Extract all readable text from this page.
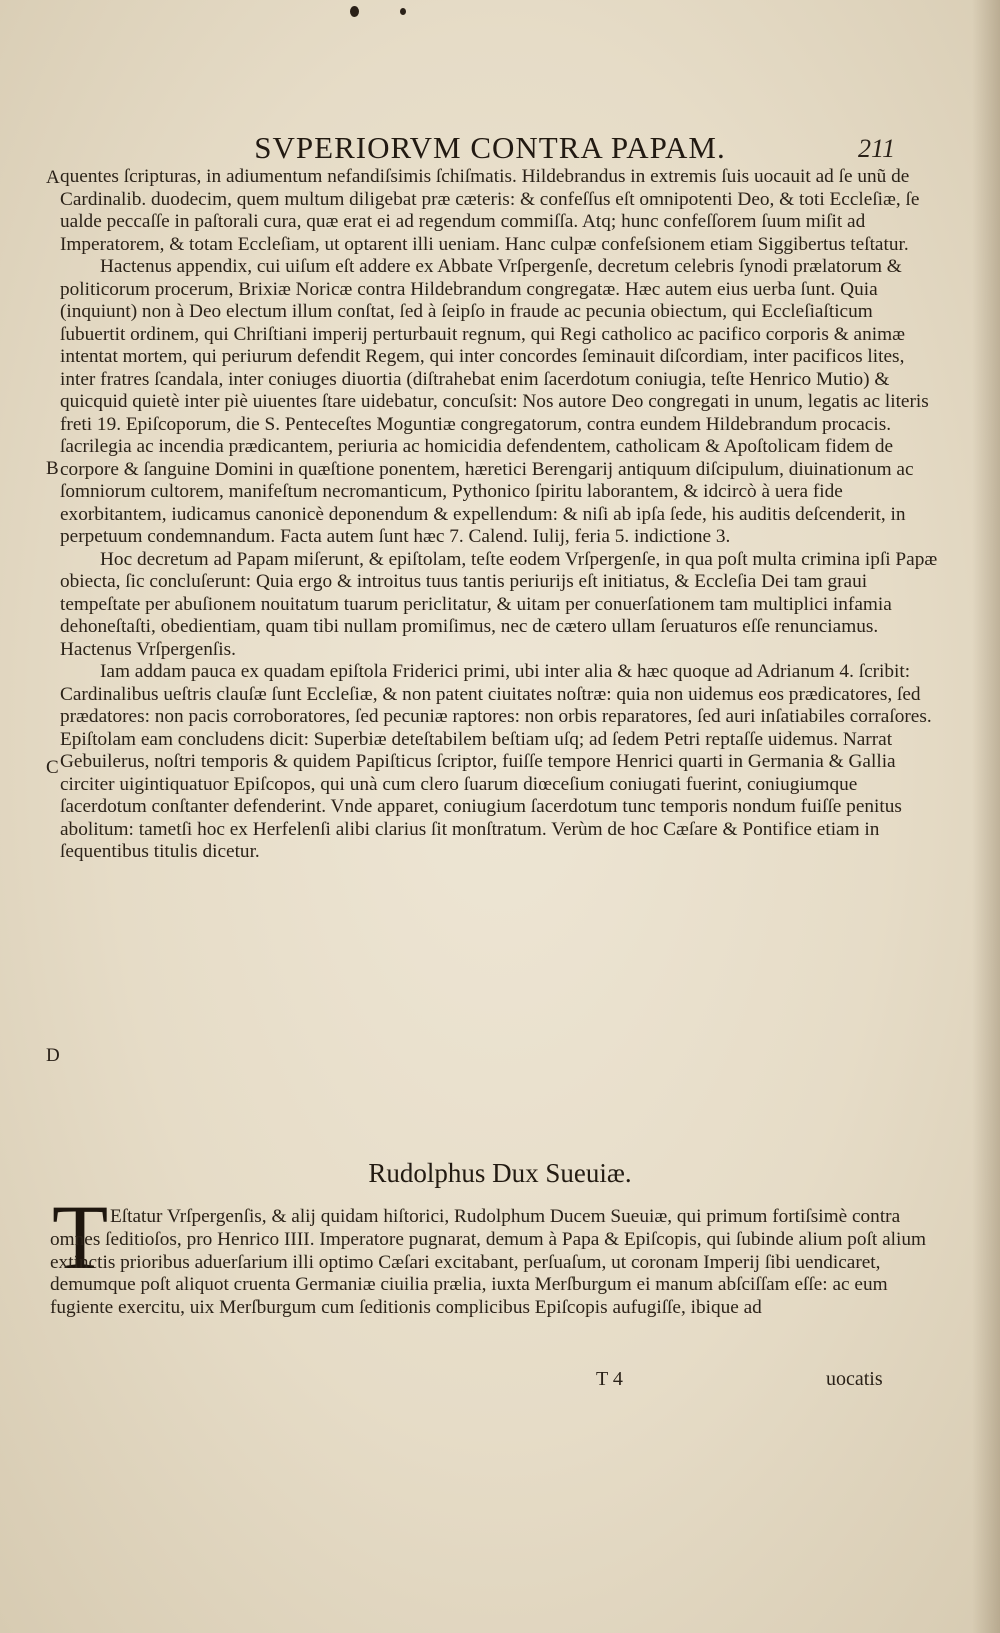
SVPERIORVM CONTRA PAPAM.	211
A
B
C
D
quentes ſcripturas, in adiumentum nefandiſsimis ſchiſmatis. Hildebrandus in extremis ſuis uocauit ad ſe unũ de Cardinalib. duodecim, quem multum diligebat præ cæteris: & confeſſus eſt omnipotenti Deo, & toti Eccleſiæ, ſe ualde peccaſſe in paſtorali cura, quæ erat ei ad regendum commiſſa. Atq; hunc confeſſorem ſuum miſit ad Imperatorem, & totam Eccleſiam, ut optarent illi ueniam. Hanc culpæ confeſsionem etiam Siggibertus teſtatur.
Hactenus appendix, cui uiſum eſt addere ex Abbate Vrſpergenſe, decretum celebris ſynodi prælatorum & politicorum procerum, Brixiæ Noricæ contra Hildebrandum congregatæ. Hæc autem eius uerba ſunt. Quia (inquiunt) non à Deo electum illum conſtat, ſed à ſeipſo in fraude ac pecunia obiectum, qui Eccleſiaſticum ſubuertit ordinem, qui Chriſtiani imperij perturbauit regnum, qui Regi catholico ac pacifico corporis & animæ intentat mortem, qui periurum defendit Regem, qui inter concordes ſeminauit diſcordiam, inter pacificos lites, inter fratres ſcandala, inter coniuges diuortia (diſtrahebat enim ſacerdotum coniugia, teſte Henrico Mutio) & quicquid quietè inter piè uiuentes ſtare uidebatur, concuſsit: Nos autore Deo congregati in unum, legatis ac literis freti 19. Epiſcoporum, die S. Penteceſtes Moguntiæ congregatorum, contra eundem Hildebrandum procacis. ſacrilegia ac incendia prædicantem, periuria ac homicidia defendentem, catholicam & Apoſtolicam fidem de corpore & ſanguine Domini in quæſtione ponentem, hæretici Berengarij antiquum diſcipulum, diuinationum ac ſomniorum cultorem, manifeſtum necromanticum, Pythonico ſpiritu laborantem, & idcircò à uera fide exorbitantem, iudicamus canonicè deponendum & expellendum: & niſi ab ipſa ſede, his auditis deſcenderit, in perpetuum condemnandum. Facta autem ſunt hæc 7. Calend. Iulij, feria 5. indictione 3.
Hoc decretum ad Papam miſerunt, & epiſtolam, teſte eodem Vrſpergenſe, in qua poſt multa crimina ipſi Papæ obiecta, ſic concluſerunt: Quia ergo & introitus tuus tantis periurijs eſt initiatus, & Eccleſia Dei tam graui tempeſtate per abuſionem nouitatum tuarum periclitatur, & uitam per conuerſationem tam multiplici infamia dehoneſtaſti, obedientiam, quam tibi nullam promiſimus, nec de cætero ullam ſeruaturos eſſe renunciamus. Hactenus Vrſpergenſis.
Iam addam pauca ex quadam epiſtola Friderici primi, ubi inter alia & hæc quoque ad Adrianum 4. ſcribit: Cardinalibus ueſtris clauſæ ſunt Eccleſiæ, & non patent ciuitates noſtræ: quia non uidemus eos prædicatores, ſed prædatores: non pacis corroboratores, ſed pecuniæ raptores: non orbis reparatores, ſed auri inſatiabiles corraſores. Epiſtolam eam concludens dicit: Superbiæ deteſtabilem beſtiam uſq; ad ſedem Petri reptaſſe uidemus. Narrat Gebuilerus, noſtri temporis & quidem Papiſticus ſcriptor, fuiſſe tempore Henrici quarti in Germania & Gallia circiter uigintiquatuor Epiſcopos, qui unà cum clero ſuarum diœceſium coniugati fuerint, coniugiumque ſacerdotum conſtanter defenderint. Vnde apparet, coniugium ſacerdotum tunc temporis nondum fuiſſe penitus abolitum: tametſi hoc ex Herfelenſi alibi clarius ſit monſtratum. Verùm de hoc Cæſare & Pontifice etiam in ſequentibus titulis dicetur.
Rudolphus Dux Sueuiæ.
T Eſtatur Vrſpergenſis, & alij quidam hiſtorici, Rudolphum Ducem Sueuiæ, qui primum fortiſsimè contra omnes ſeditioſos, pro Henrico IIII. Imperatore pugnarat, demum à Papa & Epiſcopis, qui ſubinde alium poſt alium extinctis prioribus aduerſarium illi optimo Cæſari excitabant, perſuaſum, ut coronam Imperij ſibi uendicaret, demumque poſt aliquot cruenta Germaniæ ciuilia prælia, iuxta Merſburgum ei manum abſciſſam eſſe: ac eum fugiente exercitu, uix Merſburgum cum ſeditionis complicibus Epiſcopis aufugiſſe, ibique ad
T 4	uocatis
